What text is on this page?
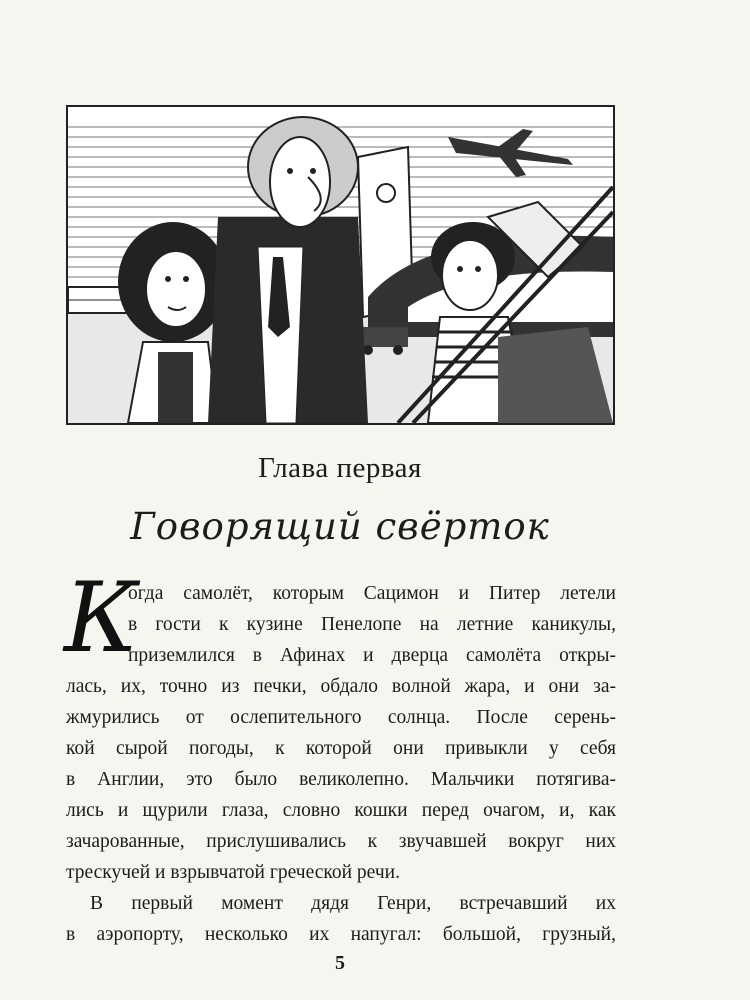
Глава первая
Говорящий свёрток
К
огда самолёт, которым Сацимон и Питер летели
в гости к кузине Пенелопе на летние каникулы,
приземлился в Афинах и дверца самолёта откры-
лась, их, точно из печки, обдало волной жара, и они за-
жмурились от ослепительного солнца. После серень-
кой сырой погоды, к которой они привыкли у себя
в Англии, это было великолепно. Мальчики потягива-
лись и щурили глаза, словно кошки перед очагом, и, как
зачарованные, прислушивались к звучавшей вокруг них
трескучей и взрывчатой греческой речи.
В первый момент дядя Генри, встречавший их
в аэропорту, несколько их напугал: большой, грузный,
5
